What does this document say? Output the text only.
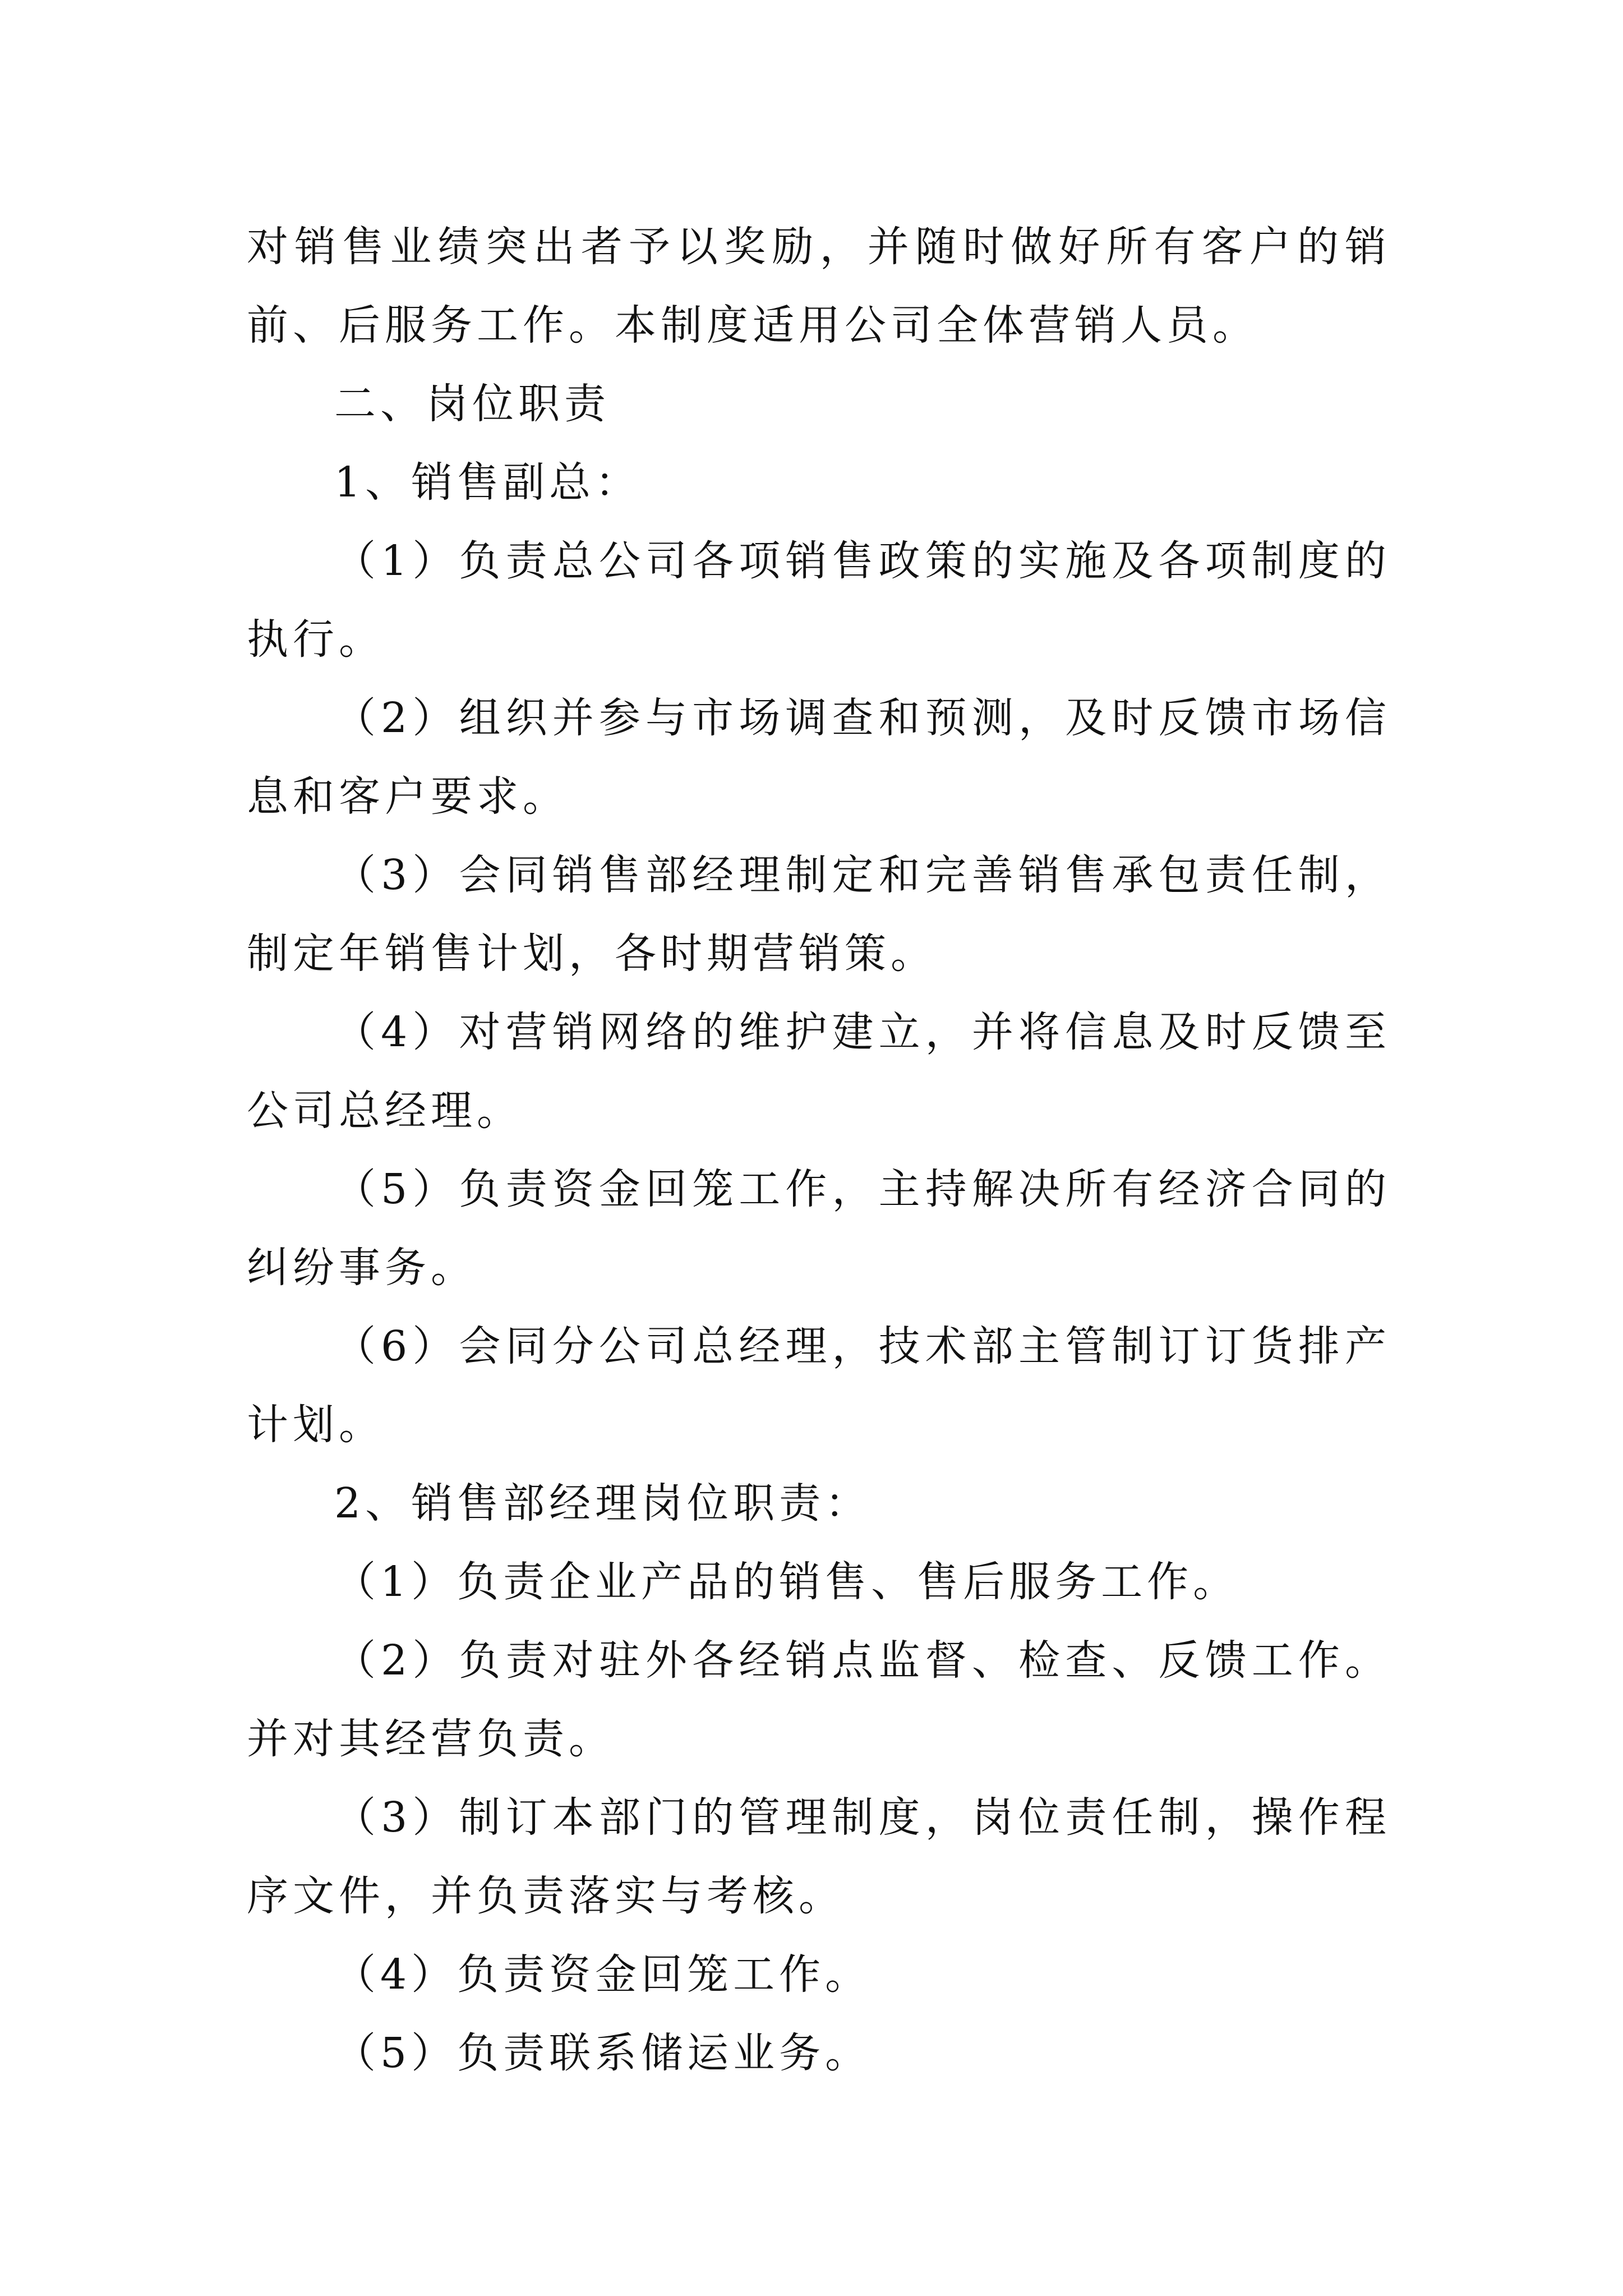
对销售业绩突出者予以奖励，并随时做好所有客户的销前、后服务工作。本制度适用公司全体营销人员。

二、岗位职责

1、销售副总：

（1）负责总公司各项销售政策的实施及各项制度的执行。

（2）组织并参与市场调查和预测，及时反馈市场信息和客户要求。

（3）会同销售部经理制定和完善销售承包责任制，制定年销售计划，各时期营销策。

（4）对营销网络的维护建立，并将信息及时反馈至公司总经理。

（5）负责资金回笼工作，主持解决所有经济合同的纠纷事务。

（6）会同分公司总经理，技术部主管制订订货排产计划。

2、销售部经理岗位职责：

（1）负责企业产品的销售、售后服务工作。

（2）负责对驻外各经销点监督、检查、反馈工作。并对其经营负责。

（3）制订本部门的管理制度，岗位责任制，操作程序文件，并负责落实与考核。

（4）负责资金回笼工作。

（5）负责联系储运业务。
